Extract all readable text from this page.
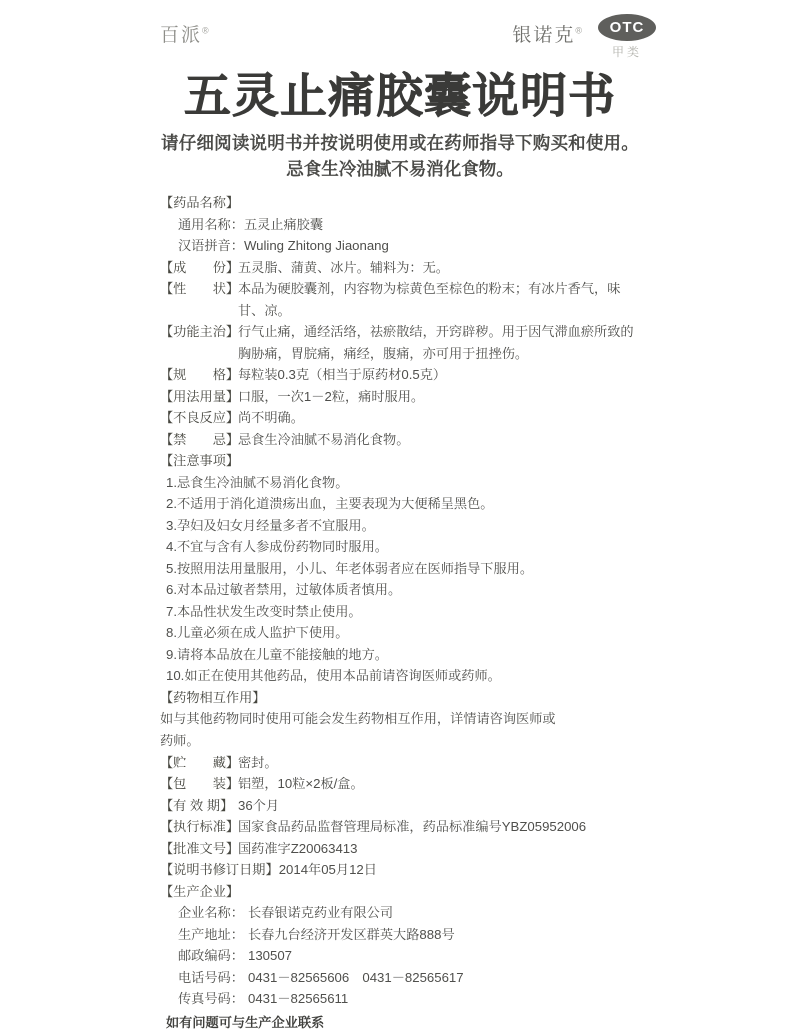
百派®	银诺克®	OTC
甲类
五灵止痛胶囊说明书
请仔细阅读说明书并按说明使用或在药师指导下购买和使用。
忌食生冷油腻不易消化食物。
【药品名称】
通用名称：五灵止痛胶囊
汉语拼音：Wuling Zhitong Jiaonang
【成　　份】五灵脂、蒲黄、冰片。辅料为：无。
【性　　状】本品为硬胶囊剂，内容物为棕黄色至棕色的粉末；有冰片香气，味甘、凉。
【功能主治】行气止痛，通经活络，祛瘀散结，开窍辟秽。用于因气滞血瘀所致的胸胁痛，胃脘痛，痛经，腹痛，亦可用于扭挫伤。
【规　　格】每粒装0.3克（相当于原药材0.5克）
【用法用量】口服，一次1－2粒，痛时服用。
【不良反应】尚不明确。
【禁　　忌】忌食生冷油腻不易消化食物。
【注意事项】
1.忌食生冷油腻不易消化食物。
2.不适用于消化道溃疡出血，主要表现为大便稀呈黑色。
3.孕妇及妇女月经量多者不宜服用。
4.不宜与含有人参成份药物同时服用。
5.按照用法用量服用，小儿、年老体弱者应在医师指导下服用。
6.对本品过敏者禁用，过敏体质者慎用。
7.本品性状发生改变时禁止使用。
8.儿童必须在成人监护下使用。
9.请将本品放在儿童不能接触的地方。
10.如正在使用其他药品，使用本品前请咨询医师或药师。
【药物相互作用】如与其他药物同时使用可能会发生药物相互作用，详情请咨询医师或药师。
【贮　　藏】密封。
【包　　装】铝塑，10粒×2板/盒。
【有 效 期】 36个月
【执行标准】国家食品药品监督管理局标准，药品标准编号YBZ05952006
【批准文号】国药准字Z20063413
【说明书修订日期】2014年05月12日
【生产企业】
企业名称： 长春银诺克药业有限公司
生产地址： 长春九台经济开发区群英大路888号
邮政编码： 130507
电话号码： 0431－82565606　0431－82565617
传真号码： 0431－82565611
如有问题可与生产企业联系
